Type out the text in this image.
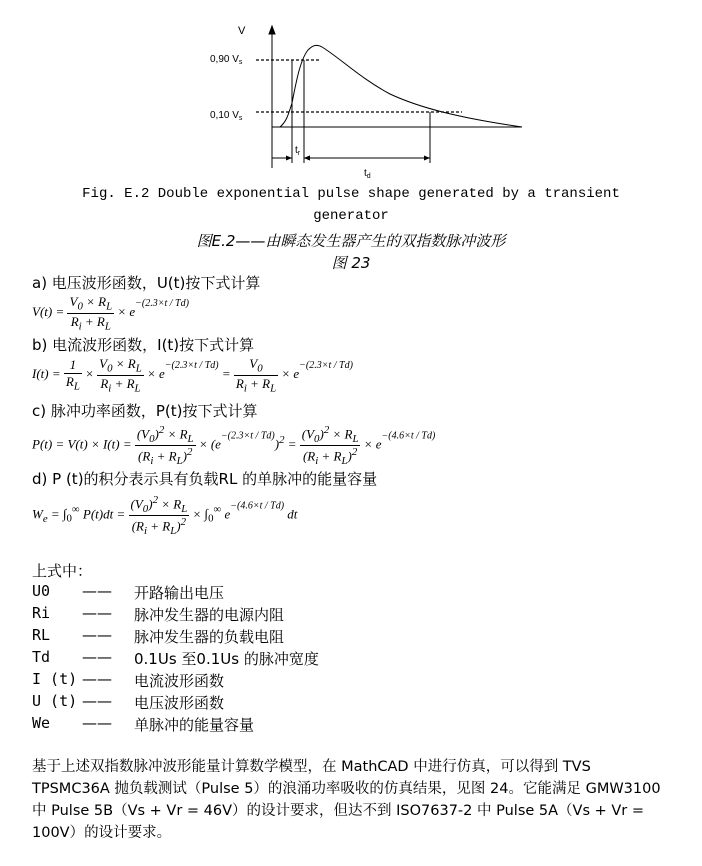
V
0,90 $V_s$
0,10 $V_s$
$t_r$
$t_d$
Fig. E.2 Double exponential pulse shape generated by a transient
generator
图E.2——由瞬态发生器产生的双指数脉冲波形
图 23
a) 电压波形函数，U(t)按下式计算
$V(t) = \frac{V_0 \times R_L}{R_i + R_L} \times e^{-(2.3\times t / Td)}$
b) 电流波形函数，I(t)按下式计算
$I(t) = \frac{1}{R_L} \times \frac{V_0 \times R_L}{R_i + R_L} \times e^{-(2.3\times t / Td)} = \frac{V_0}{R_i + R_L} \times e^{-(2.3\times t / Td)}$
c) 脉冲功率函数，P(t)按下式计算
$P(t) = V(t) \times I(t) = \frac{(V_0)^2 \times R_L}{(R_i + R_L)^2} \times (e^{-(2.3\times t / Td)})^2 = \frac{(V_0)^2 \times R_L}{(R_i + R_L)^2} \times e^{-(4.6\times t / Td)}$
d) P (t)的积分表示具有负载RL 的单脉冲的能量容量
$W_e = \int_0^\infty$ $P(t)dt = \frac{(V_0)^2 \times R_L}{(R_i + R_L)^2} \times \int_0^\infty$ $e^{-(4.6\times t / Td)}$ dt
上式中：
U0 —— 开路输出电压
Ri —— 脉冲发生器的电源内阻
RL —— 脉冲发生器的负载电阻
Td —— 0.1Us 至0.1Us 的脉冲宽度
I (t) —— 电流波形函数
U (t) —— 电压波形函数
We —— 单脉冲的能量容量
基于上述双指数脉冲波形能量计算数学模型，在 MathCAD 中进行仿真，可以得到 TVS TPSMC36A 抛负载测试（Pulse 5）的浪涌功率吸收的仿真结果，见图 24。它能满足 GMW3100 中 Pulse 5B（Vs + Vr = 46V）的设计要求，但达不到 ISO7637-2 中 Pulse 5A（Vs + Vr = 100V）的设计要求。
